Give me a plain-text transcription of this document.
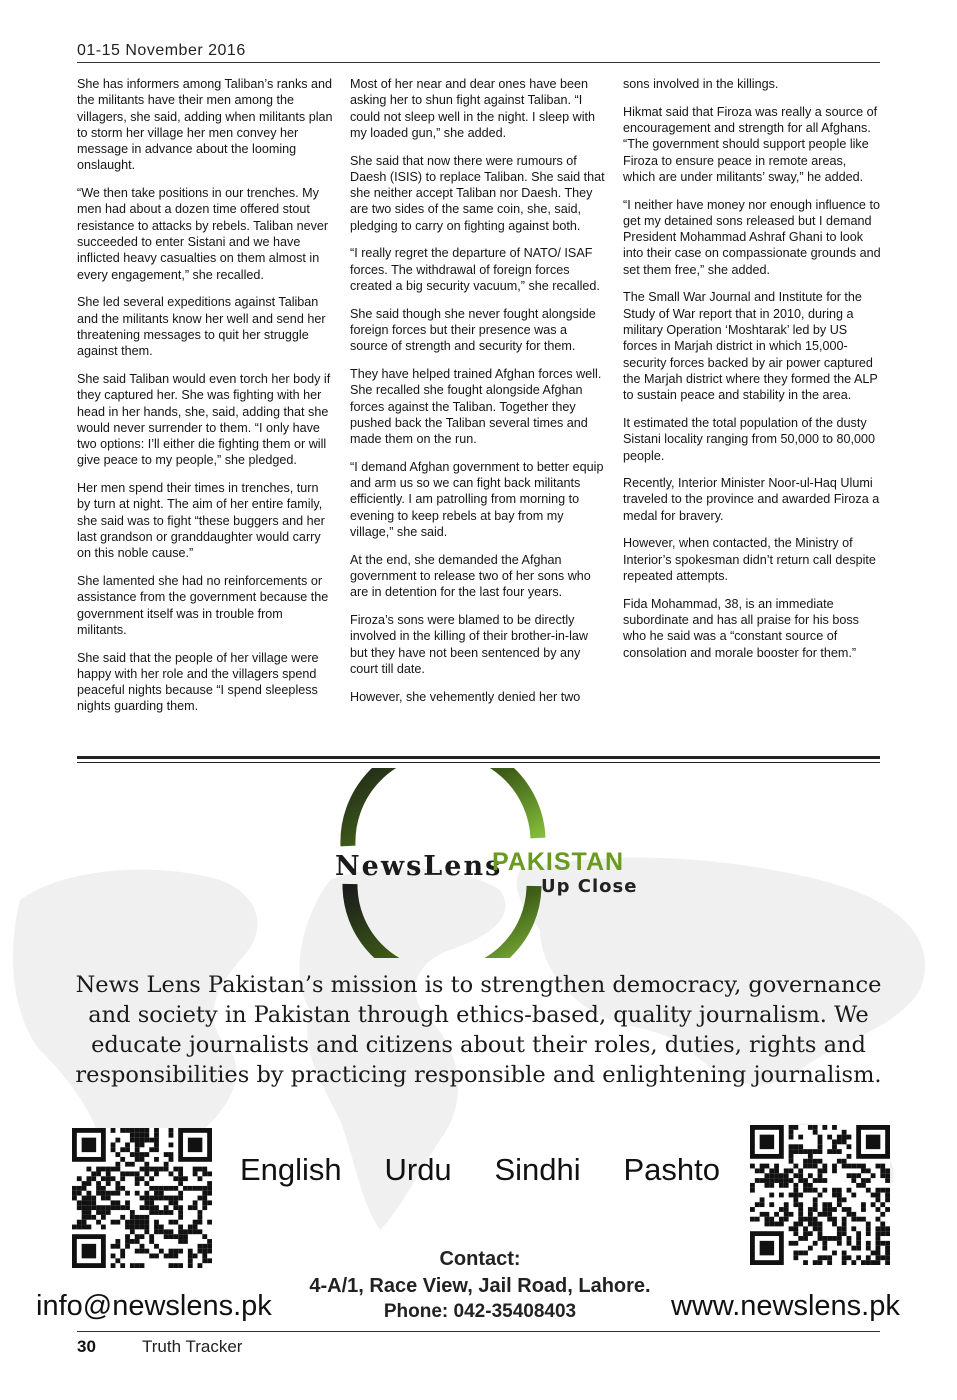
01-15 November 2016

She has informers among Taliban’s ranks and the militants have their men among the villagers, she said, adding when militants plan to storm her village her men convey her message in advance about the looming onslaught.

“We then take positions in our trenches. My men had about a dozen time offered stout resistance to attacks by rebels. Taliban never succeeded to enter Sistani and we have inflicted heavy casualties on them almost in every engagement,” she recalled.

She led several expeditions against Taliban and the militants know her well and send her threatening messages to quit her struggle against them.

She said Taliban would even torch her body if they captured her. She was fighting with her head in her hands, she, said, adding that she would never surrender to them. “I only have two options: I’ll either die fighting them or will give peace to my people,” she pledged.

Her men spend their times in trenches, turn by turn at night. The aim of her entire family, she said was to fight “these buggers and her last grandson or granddaughter would carry on this noble cause.”

She lamented she had no reinforcements or assistance from the government because the government itself was in trouble from militants.

She said that the people of her village were happy with her role and the villagers spend peaceful nights because “I spend sleepless nights guarding them.

Most of her near and dear ones have been asking her to shun fight against Taliban. “I could not sleep well in the night. I sleep with my loaded gun,” she added.

She said that now there were rumours of Daesh (ISIS) to replace Taliban. She said that she neither accept Taliban nor Daesh. They are two sides of the same coin, she, said, pledging to carry on fighting against both.

“I really regret the departure of NATO/ ISAF forces. The withdrawal of foreign forces created a big security vacuum,” she recalled.

She said though she never fought alongside foreign forces but their presence was a source of strength and security for them.

They have helped trained Afghan forces well. She recalled she fought alongside Afghan forces against the Taliban. Together they pushed back the Taliban several times and made them on the run.

“I demand Afghan government to better equip and arm us so we can fight back militants efficiently. I am patrolling from morning to evening to keep rebels at bay from my village,” she said.

At the end, she demanded the Afghan government to release two of her sons who are in detention for the last four years.

Firoza’s sons were blamed to be directly involved in the killing of their brother-in-law but they have not been sentenced by any court till date.

However, she vehemently denied her two

sons involved in the killings.

Hikmat said that Firoza was really a source of encouragement and strength for all Afghans. “The government should support people like Firoza to ensure peace in remote areas, which are under militants’ sway,” he added.

“I neither have money nor enough influence to get my detained sons released but I demand President Mohammad Ashraf Ghani to look into their case on compassionate grounds and set them free,” she added.

The Small War Journal and Institute for the Study of War report that in 2010, during a military Operation ‘Moshtarak’ led by US forces in Marjah district in which 15,000- security forces backed by air power captured the Marjah district where they formed the ALP to sustain peace and stability in the area.

It estimated the total population of the dusty Sistani locality ranging from 50,000 to 80,000 people.

Recently, Interior Minister Noor-ul-Haq Ulumi traveled to the province and awarded Firoza a medal for bravery.

However, when contacted, the Ministry of Interior’s spokesman didn’t return call despite repeated attempts.

Fida Mohammad, 38, is an immediate subordinate and has all praise for his boss who he said was a “constant source of consolation and morale booster for them.”

NewsLens
PAKISTAN
Up Close
News Lens Pakistan’s mission is to strengthen democracy, governance and society in Pakistan through ethics-based, quality journalism. We educate journalists and citizens about their roles, duties, rights and responsibilities by practicing responsible and enlightening journalism.
English	Urdu	Sindhi	Pashto
Contact:
4-A/1, Race View, Jail Road, Lahore.
Phone: 042-35408403
info@newslens.pk	www.newslens.pk
30	Truth Tracker
